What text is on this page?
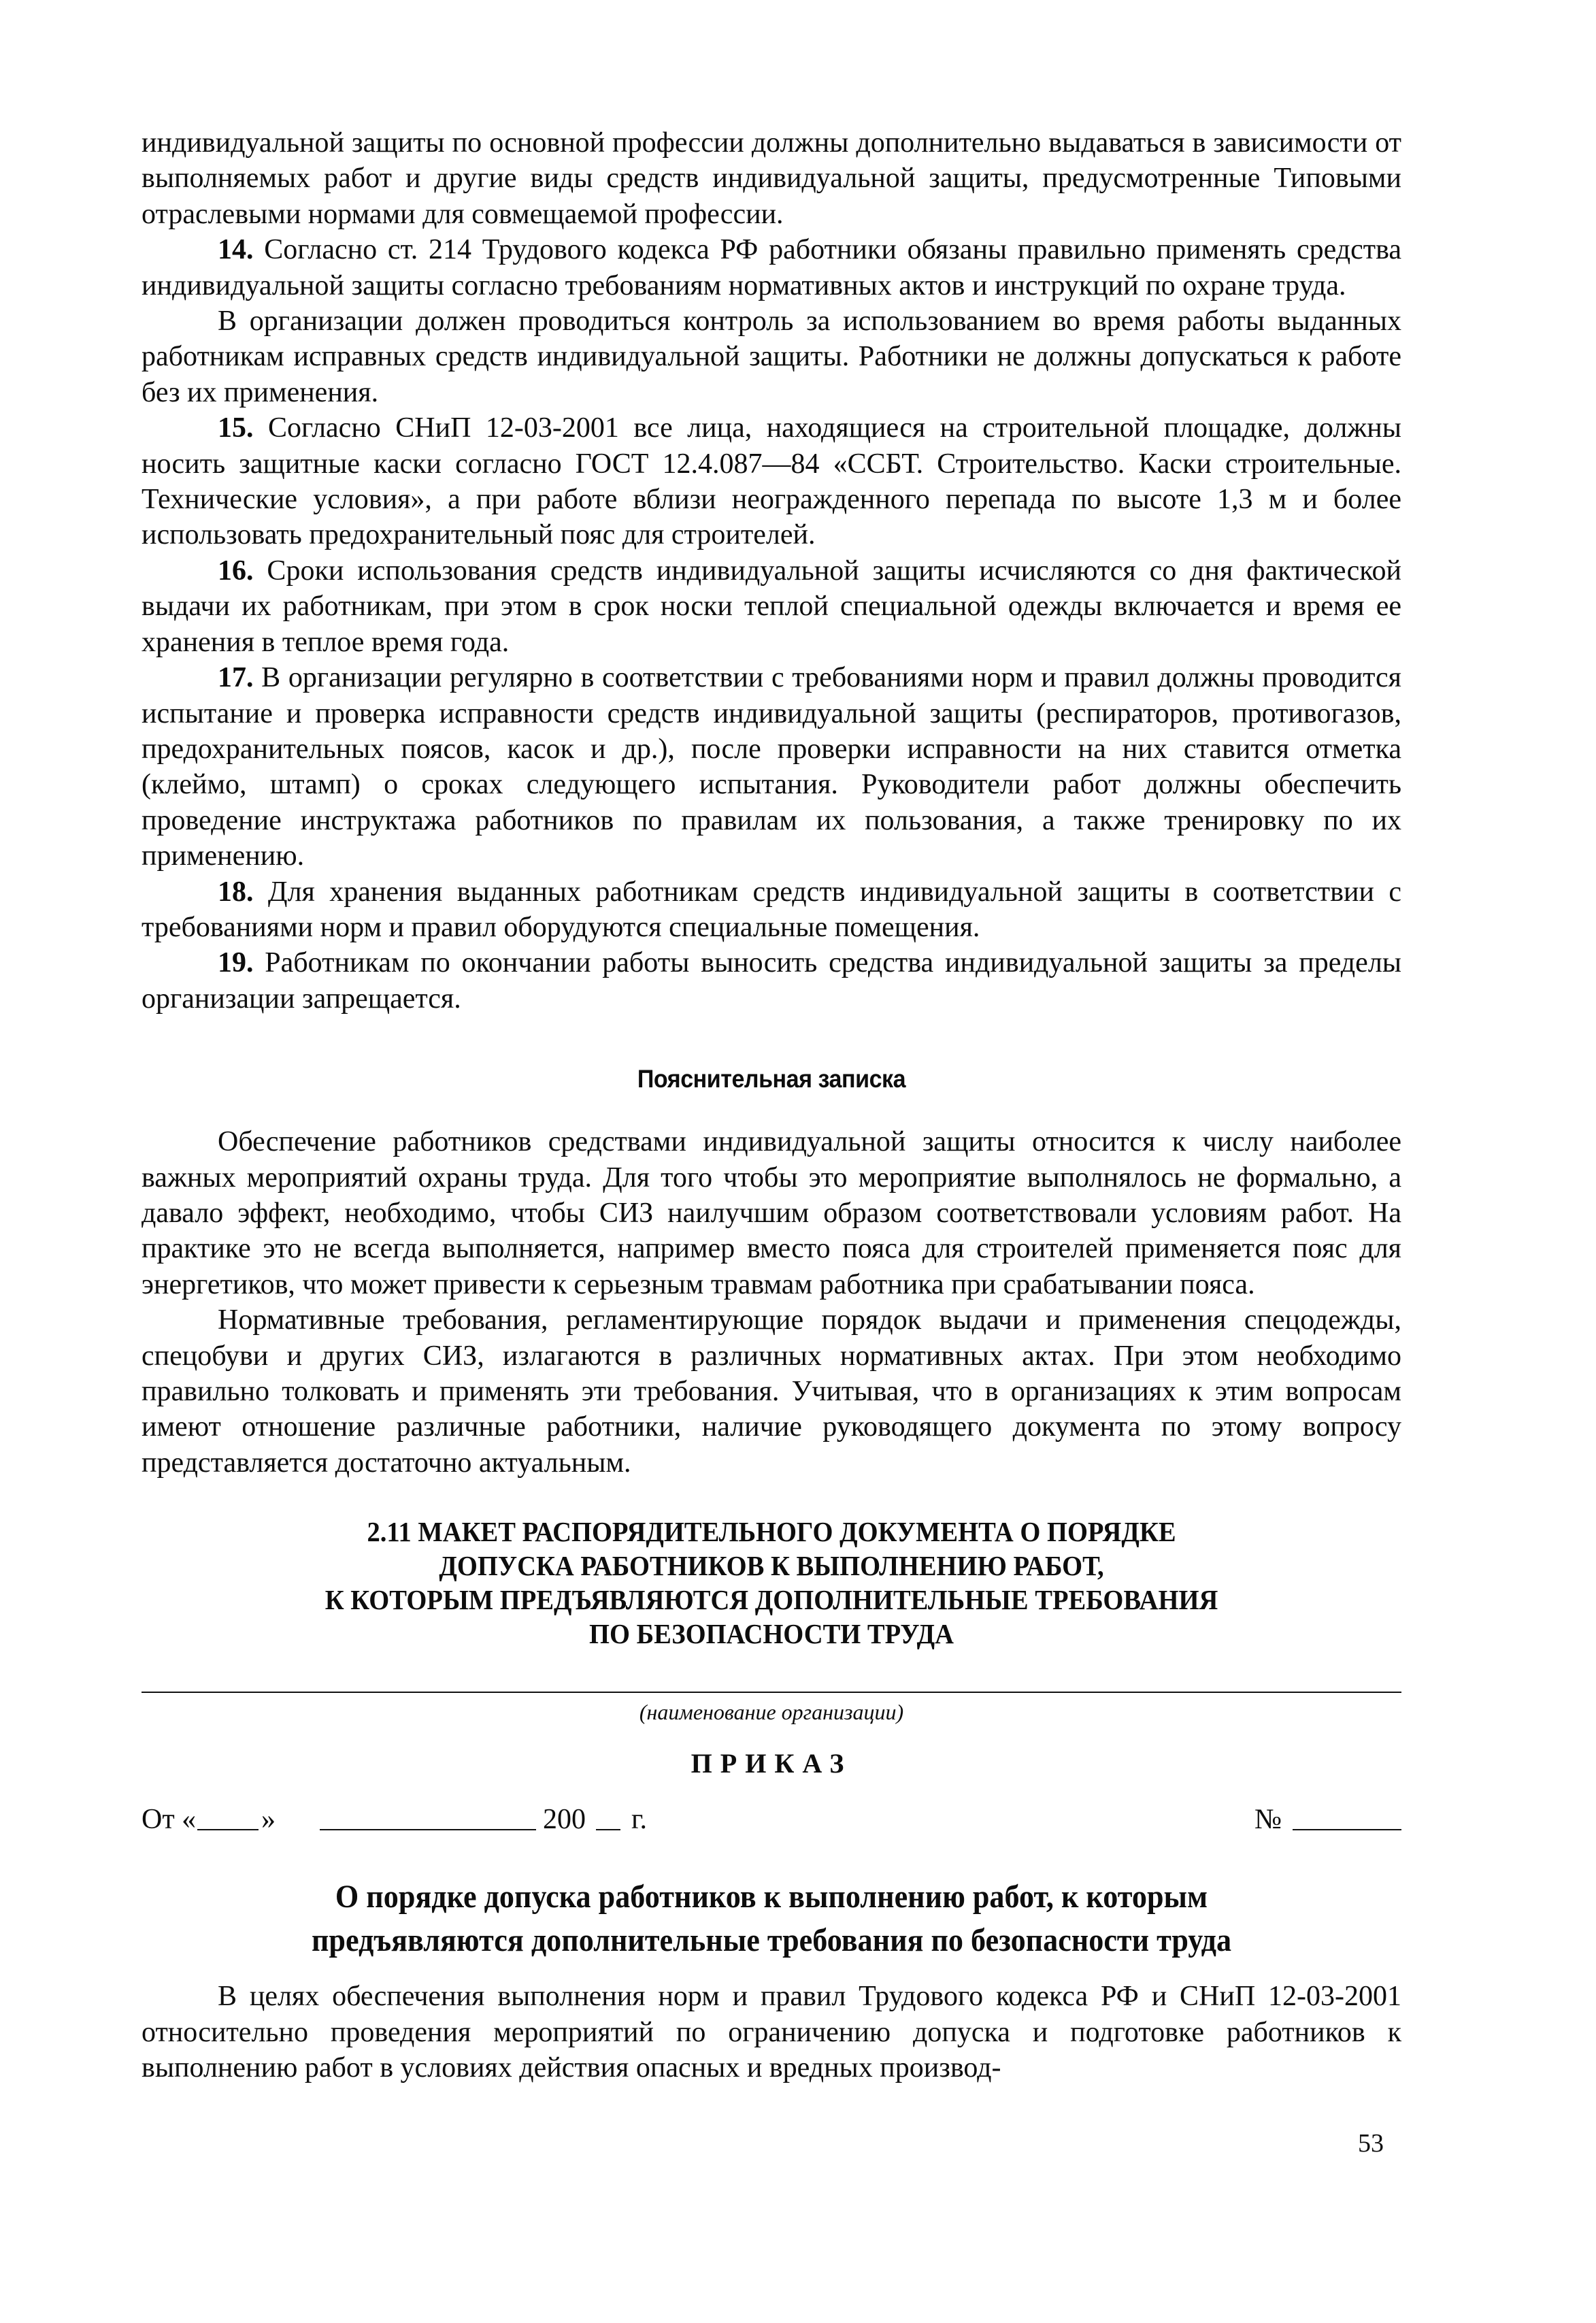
индивидуальной защиты по основной профессии должны дополнительно выдаваться в зависимости от выполняемых работ и другие виды средств индивидуальной защиты, предусмотренные Типовыми отраслевыми нормами для совмещаемой профессии.

14. Согласно ст. 214 Трудового кодекса РФ работники обязаны правильно применять средства индивидуальной защиты согласно требованиям нормативных актов и инструкций по охране труда.

В организации должен проводиться контроль за использованием во время работы выданных работникам исправных средств индивидуальной защиты. Работники не должны допускаться к работе без их применения.

15. Согласно СНиП 12-03-2001 все лица, находящиеся на строительной площадке, должны носить защитные каски согласно ГОСТ 12.4.087—84 «ССБТ. Строительство. Каски строительные. Технические условия», а при работе вблизи неогражденного перепада по высоте 1,3 м и более использовать предохранительный пояс для строителей.

16. Сроки использования средств индивидуальной защиты исчисляются со дня фактической выдачи их работникам, при этом в срок носки теплой специальной одежды включается и время ее хранения в теплое время года.

17. В организации регулярно в соответствии с требованиями норм и правил должны проводится испытание и проверка исправности средств индивидуальной защиты (респираторов, противогазов, предохранительных поясов, касок и др.), после проверки исправности на них ставится отметка (клеймо, штамп) о сроках следующего испытания. Руководители работ должны обеспечить проведение инструктажа работников по правилам их пользования, а также тренировку по их применению.

18. Для хранения выданных работникам средств индивидуальной защиты в соответствии с требованиями норм и правил оборудуются специальные помещения.

19. Работникам по окончании работы выносить средства индивидуальной защиты за пределы организации запрещается.

Пояснительная записка

Обеспечение работников средствами индивидуальной защиты относится к числу наиболее важных мероприятий охраны труда. Для того чтобы это мероприятие выполнялось не формально, а давало эффект, необходимо, чтобы СИЗ наилучшим образом соответствовали условиям работ. На практике это не всегда выполняется, например вместо пояса для строителей применяется пояс для энергетиков, что может привести к серьезным травмам работника при срабатывании пояса.

Нормативные требования, регламентирующие порядок выдачи и применения спецодежды, спецобуви и других СИЗ, излагаются в различных нормативных актах. При этом необходимо правильно толковать и применять эти требования. Учитывая, что в организациях к этим вопросам имеют отношение различные работники, наличие руководящего документа по этому вопросу представляется достаточно актуальным.

2.11 МАКЕТ РАСПОРЯДИТЕЛЬНОГО ДОКУМЕНТА О ПОРЯДКЕ
ДОПУСКА РАБОТНИКОВ К ВЫПОЛНЕНИЮ РАБОТ,
К КОТОРЫМ ПРЕДЪЯВЛЯЮТСЯ ДОПОЛНИТЕЛЬНЫЕ ТРЕБОВАНИЯ
ПО БЕЗОПАСНОСТИ ТРУДА
(наименование организации)
ПРИКАЗ
От « »	200 г.	№
О порядке допуска работников к выполнению работ, к которым
предъявляются дополнительные требования по безопасности труда

В целях обеспечения выполнения норм и правил Трудового кодекса РФ и СНиП 12-03-2001 относительно проведения мероприятий по ограничению допуска и подготовке работников к выполнению работ в условиях действия опасных и вредных производ-

53
